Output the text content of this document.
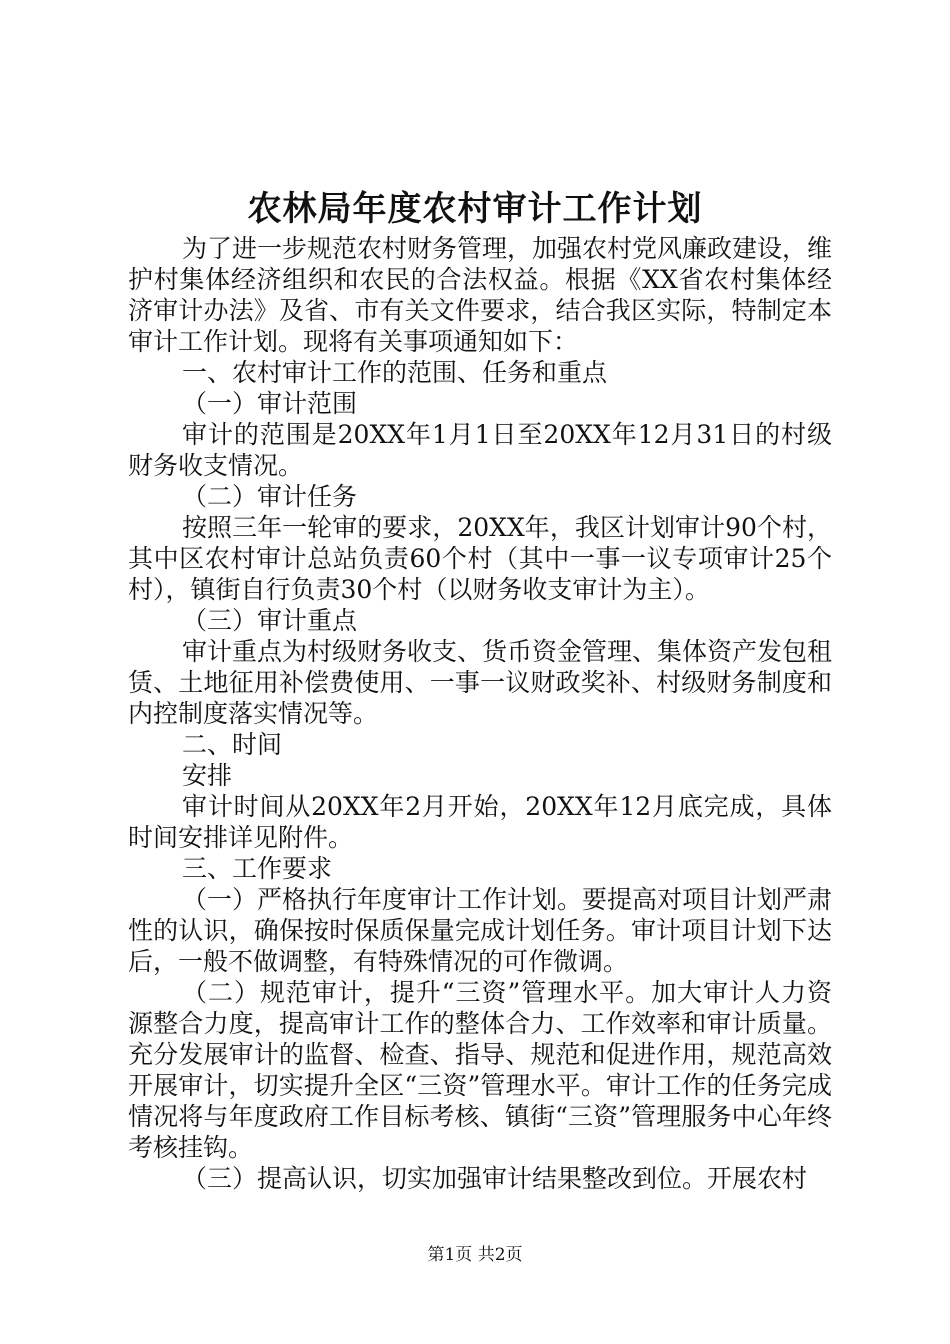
农林局年度农村审计工作计划

为了进一步规范农村财务管理，加强农村党风廉政建设，维护村集体经济组织和农民的合法权益。根据《XX省农村集体经济审计办法》及省、市有关文件要求，结合我区实际，特制定本审计工作计划。现将有关事项通知如下：

一、农村审计工作的范围、任务和重点

（一）审计范围

审计的范围是20XX年1月1日至20XX年12月31日的村级财务收支情况。

（二）审计任务

按照三年一轮审的要求，20XX年，我区计划审计90个村，其中区农村审计总站负责60个村（其中一事一议专项审计25个村），镇街自行负责30个村（以财务收支审计为主）。

（三）审计重点

审计重点为村级财务收支、货币资金管理、集体资产发包租赁、土地征用补偿费使用、一事一议财政奖补、村级财务制度和内控制度落实情况等。

二、时间

安排

审计时间从20XX年2月开始，20XX年12月底完成，具体时间安排详见附件。

三、工作要求

（一）严格执行年度审计工作计划。要提高对项目计划严肃性的认识，确保按时保质保量完成计划任务。审计项目计划下达后，一般不做调整，有特殊情况的可作微调。

（二）规范审计，提升“三资”管理水平。加大审计人力资源整合力度，提高审计工作的整体合力、工作效率和审计质量。充分发展审计的监督、检查、指导、规范和促进作用，规范高效开展审计，切实提升全区“三资”管理水平。审计工作的任务完成情况将与年度政府工作目标考核、镇街“三资”管理服务中心年终考核挂钩。

（三）提高认识，切实加强审计结果整改到位。开展农村

第1页 共2页
